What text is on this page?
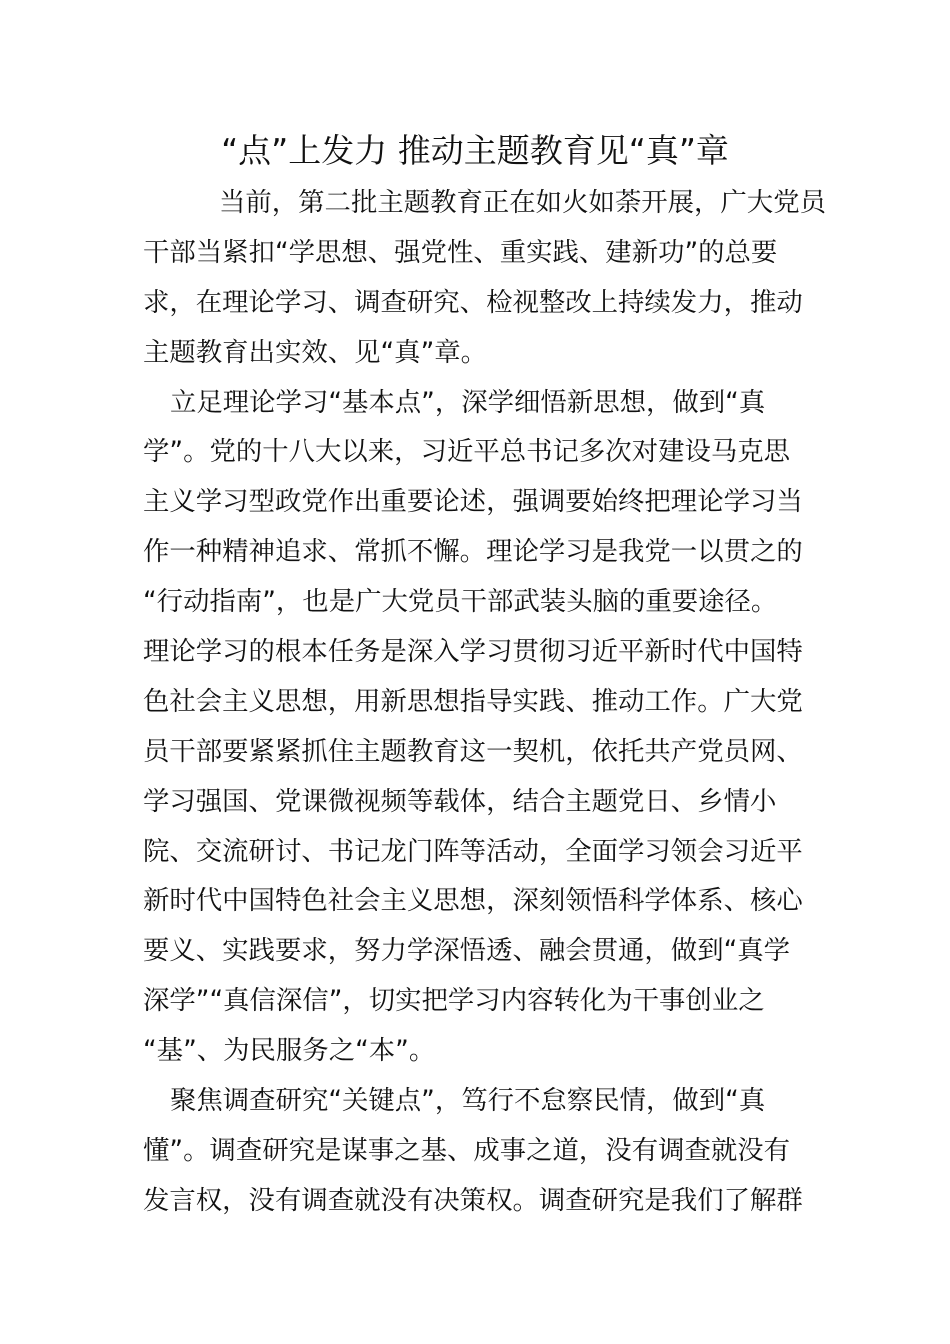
“点”上发力 推动主题教育见“真”章
当前，第二批主题教育正在如火如荼开展，广大党员
干部当紧扣“学思想、强党性、重实践、建新功”的总要
求，在理论学习、调查研究、检视整改上持续发力，推动
主题教育出实效、见“真”章。
立足理论学习“基本点”，深学细悟新思想，做到“真
学”。党的十八大以来，习近平总书记多次对建设马克思
主义学习型政党作出重要论述，强调要始终把理论学习当
作一种精神追求、常抓不懈。理论学习是我党一以贯之的
“行动指南”，也是广大党员干部武装头脑的重要途径。
理论学习的根本任务是深入学习贯彻习近平新时代中国特
色社会主义思想，用新思想指导实践、推动工作。广大党
员干部要紧紧抓住主题教育这一契机，依托共产党员网、
学习强国、党课微视频等载体，结合主题党日、乡情小
院、交流研讨、书记龙门阵等活动，全面学习领会习近平
新时代中国特色社会主义思想，深刻领悟科学体系、核心
要义、实践要求，努力学深悟透、融会贯通，做到“真学
深学”“真信深信”，切实把学习内容转化为干事创业之
“基”、为民服务之“本”。
聚焦调查研究“关键点”，笃行不怠察民情，做到“真
懂”。调查研究是谋事之基、成事之道，没有调查就没有
发言权，没有调查就没有决策权。调查研究是我们了解群
